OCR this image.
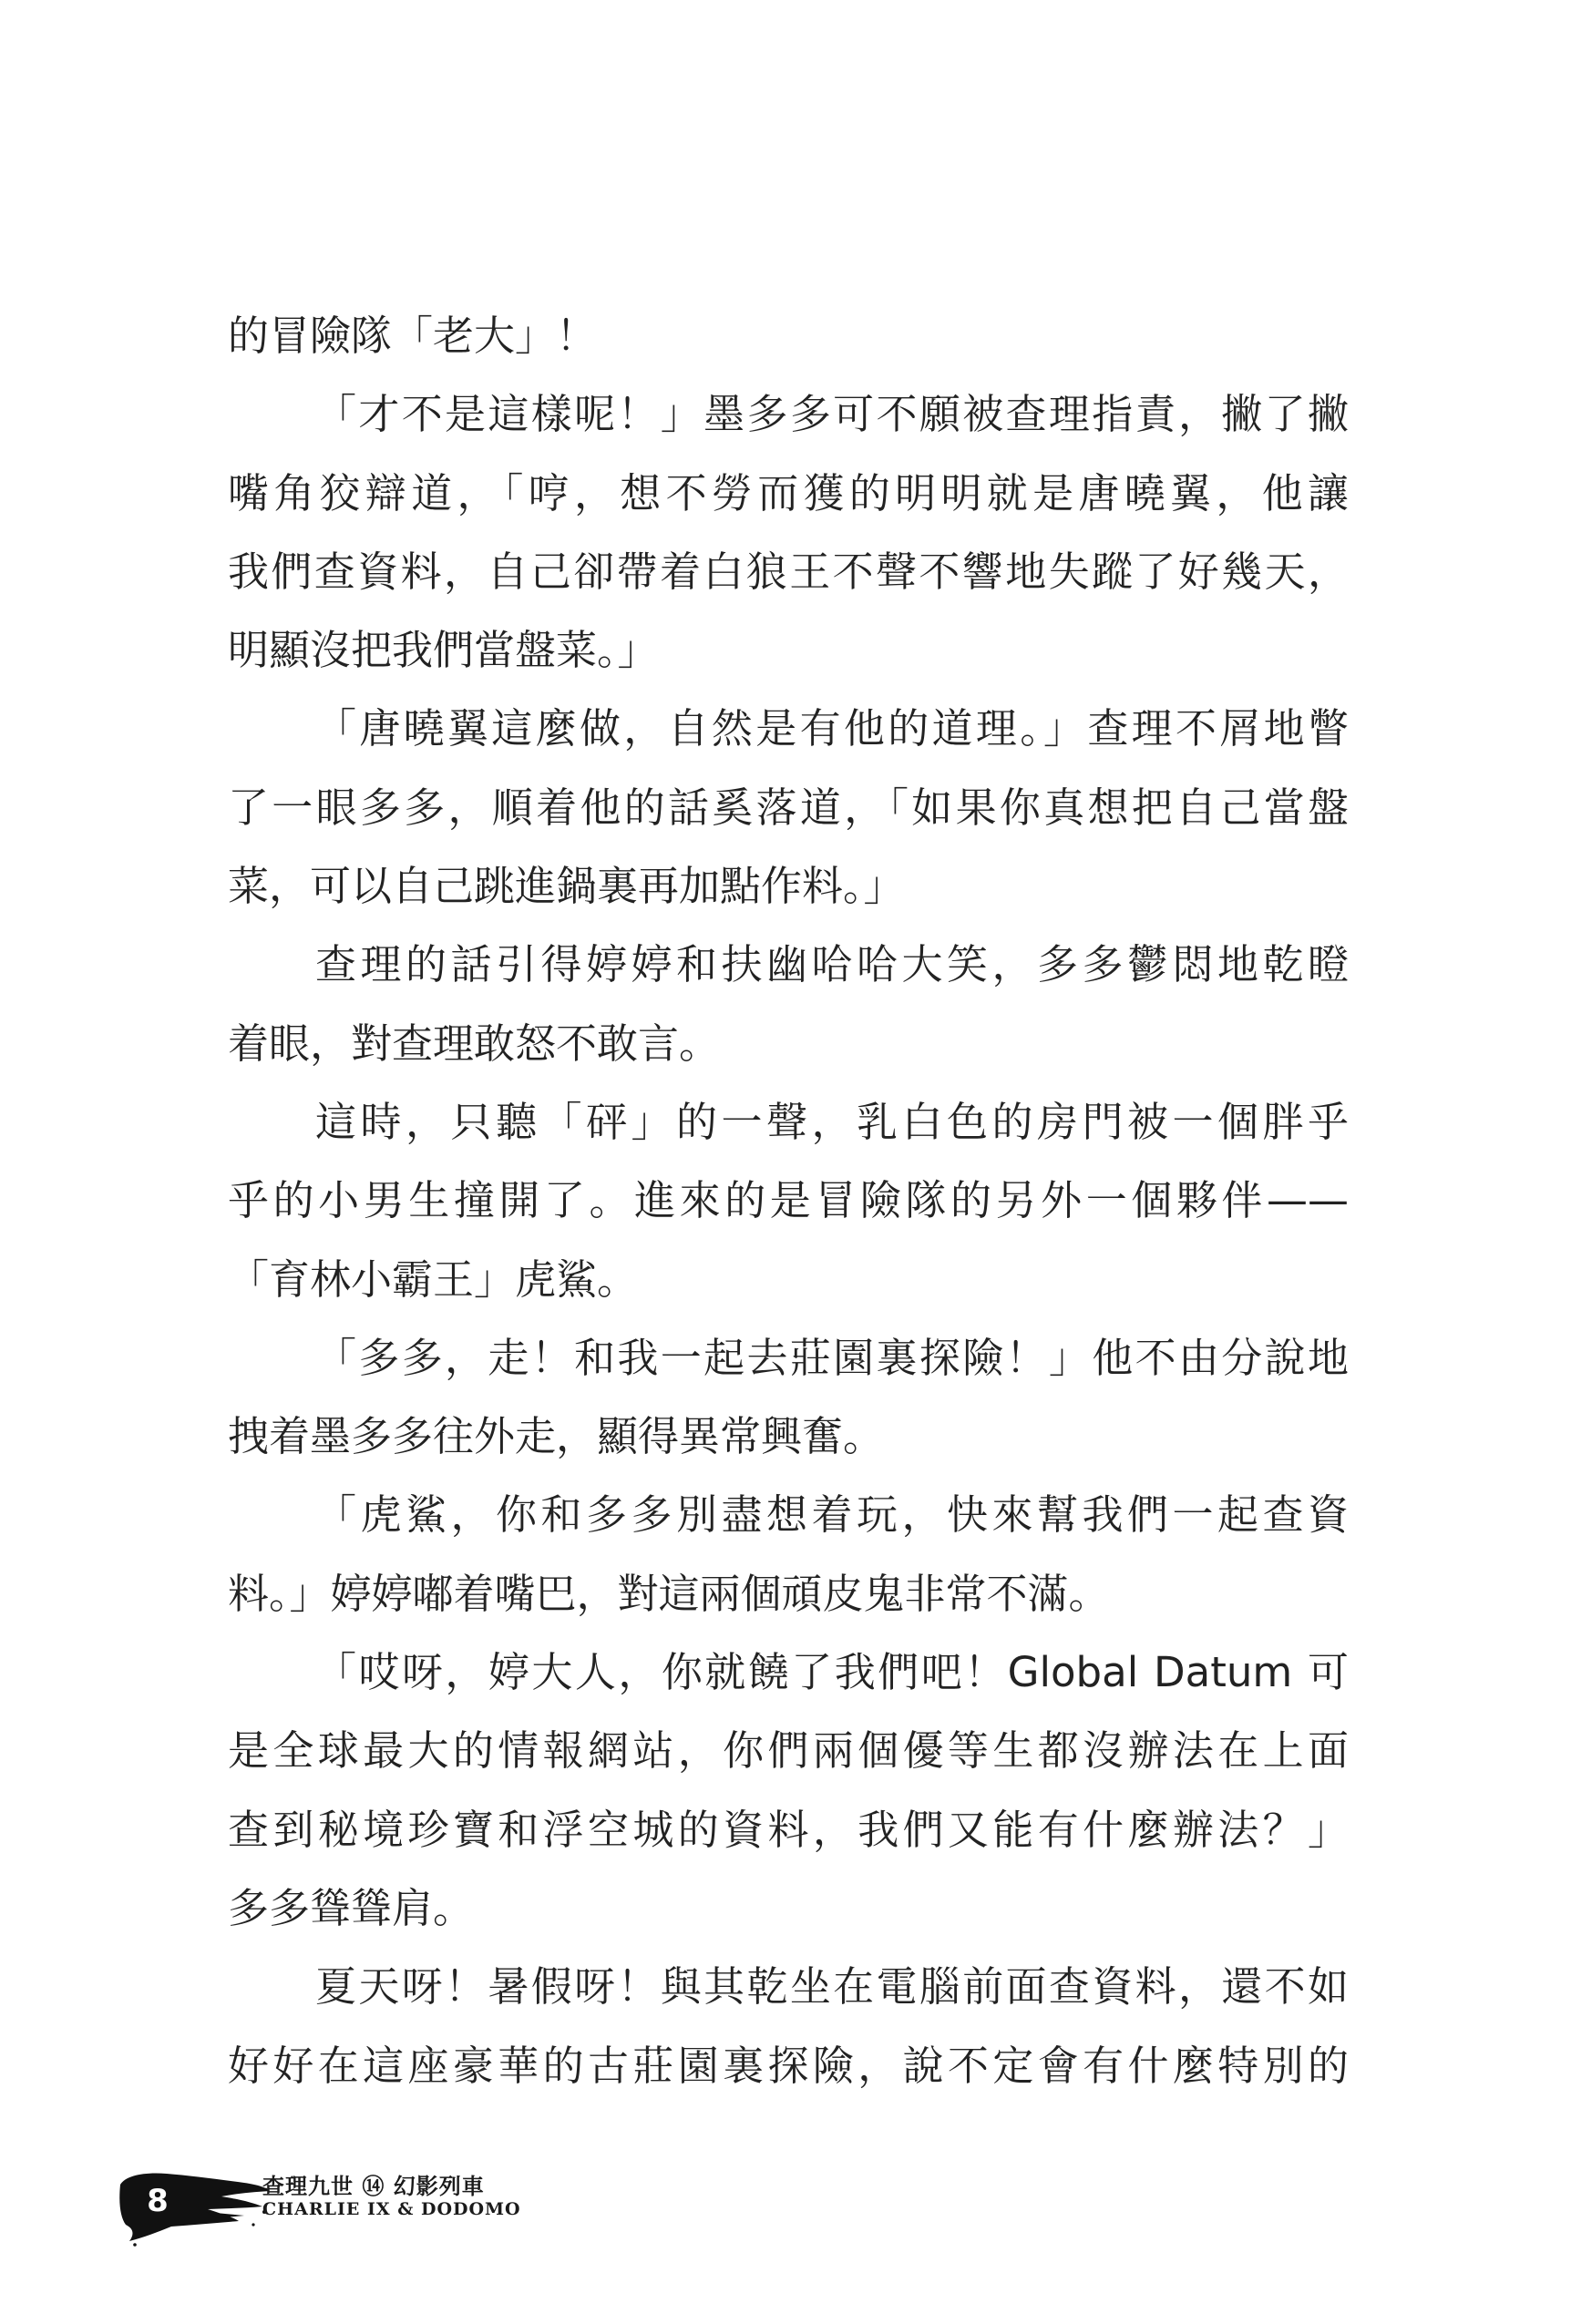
的冒險隊「老大」！
「才不是這樣呢！」墨多多可不願被查理指責，撇了撇
嘴角狡辯道，「哼，想不勞而獲的明明就是唐曉翼，他讓
我們查資料，自己卻帶着白狼王不聲不響地失蹤了好幾天，
明顯沒把我們當盤菜。」
「唐曉翼這麼做，自然是有他的道理。」查理不屑地瞥
了一眼多多，順着他的話奚落道，「如果你真想把自己當盤
菜，可以自己跳進鍋裏再加點作料。」
查理的話引得婷婷和扶幽哈哈大笑，多多鬱悶地乾瞪
着眼，對查理敢怒不敢言。
這時，只聽「砰」的一聲，乳白色的房門被一個胖乎
乎的小男生撞開了。進來的是冒險隊的另外一個夥伴——
「育林小霸王」虎鯊。
「多多，走！和我一起去莊園裏探險！」他不由分說地
拽着墨多多往外走，顯得異常興奮。
「虎鯊，你和多多別盡想着玩，快來幫我們一起查資
料。」婷婷嘟着嘴巴，對這兩個頑皮鬼非常不滿。
「哎呀，婷大人，你就饒了我們吧！Global Datum 可
是全球最大的情報網站，你們兩個優等生都沒辦法在上面
查到秘境珍寶和浮空城的資料，我們又能有什麼辦法？」
多多聳聳肩。
夏天呀！暑假呀！與其乾坐在電腦前面查資料，還不如
好好在這座豪華的古莊園裏探險，說不定會有什麼特別的
8	查理九世 ⑭ 幻影列車
CHARLIE IX & DODOMO
